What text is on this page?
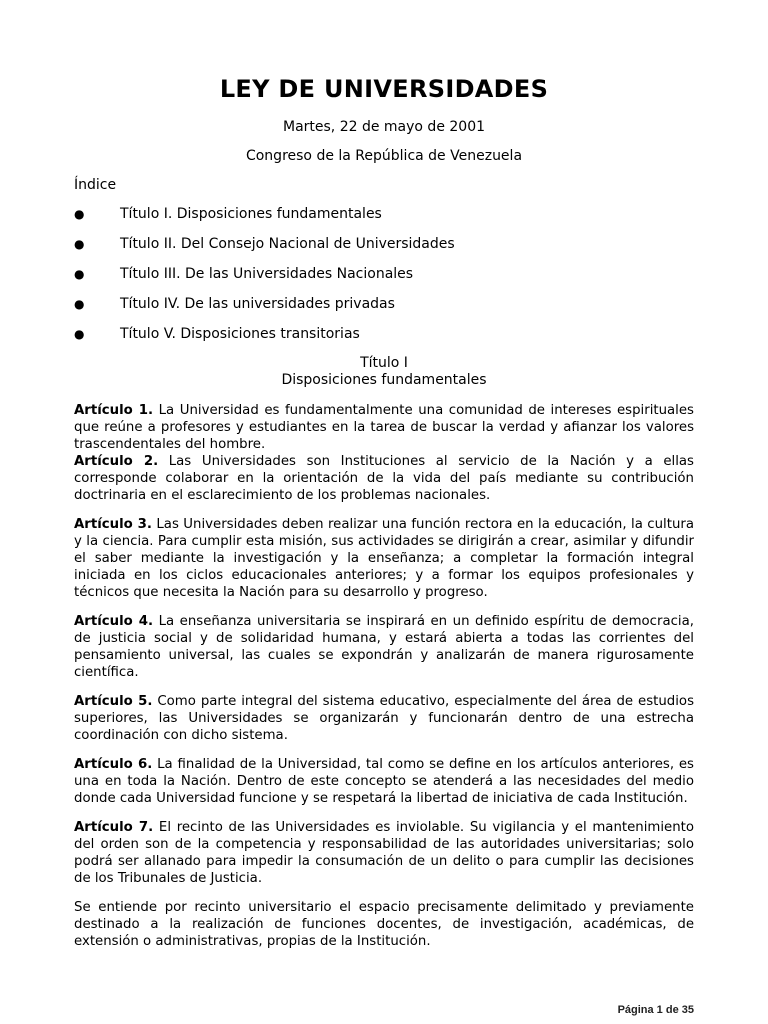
LEY DE UNIVERSIDADES
Martes, 22 de mayo de 2001
Congreso de la República de Venezuela
Índice
●	Título I. Disposiciones fundamentales
●	Título II. Del Consejo Nacional de Universidades
●	Título III. De las Universidades Nacionales
●	Título IV. De las universidades privadas
●	Título V. Disposiciones transitorias
Título I
Disposiciones fundamentales

Artículo 1. La Universidad es fundamentalmente una comunidad de intereses espirituales que reúne a profesores y estudiantes en la tarea de buscar la verdad y afianzar los valores trascendentales del hombre.

Artículo 2. Las Universidades son Instituciones al servicio de la Nación y a ellas corresponde colaborar en la orientación de la vida del país mediante su contribución doctrinaria en el esclarecimiento de los problemas nacionales.

Artículo 3. Las Universidades deben realizar una función rectora en la educación, la cultura y la ciencia. Para cumplir esta misión, sus actividades se dirigirán a crear, asimilar y difundir el saber mediante la investigación y la enseñanza; a completar la formación integral iniciada en los ciclos educacionales anteriores; y a formar los equipos profesionales y técnicos que necesita la Nación para su desarrollo y progreso.

Artículo 4. La enseñanza universitaria se inspirará en un definido espíritu de democracia, de justicia social y de solidaridad humana, y estará abierta a todas las corrientes del pensamiento universal, las cuales se expondrán y analizarán de manera rigurosamente científica.

Artículo 5. Como parte integral del sistema educativo, especialmente del área de estudios superiores, las Universidades se organizarán y funcionarán dentro de una estrecha coordinación con dicho sistema.

Artículo 6. La finalidad de la Universidad, tal como se define en los artículos anteriores, es una en toda la Nación. Dentro de este concepto se atenderá a las necesidades del medio donde cada Universidad funcione y se respetará la libertad de iniciativa de cada Institución.

Artículo 7. El recinto de las Universidades es inviolable. Su vigilancia y el mantenimiento del orden son de la competencia y responsabilidad de las autoridades universitarias; solo podrá ser allanado para impedir la consumación de un delito o para cumplir las decisiones de los Tribunales de Justicia.

Se entiende por recinto universitario el espacio precisamente delimitado y previamente destinado a la realización de funciones docentes, de investigación, académicas, de extensión o administrativas, propias de la Institución.

Página 1 de 35
